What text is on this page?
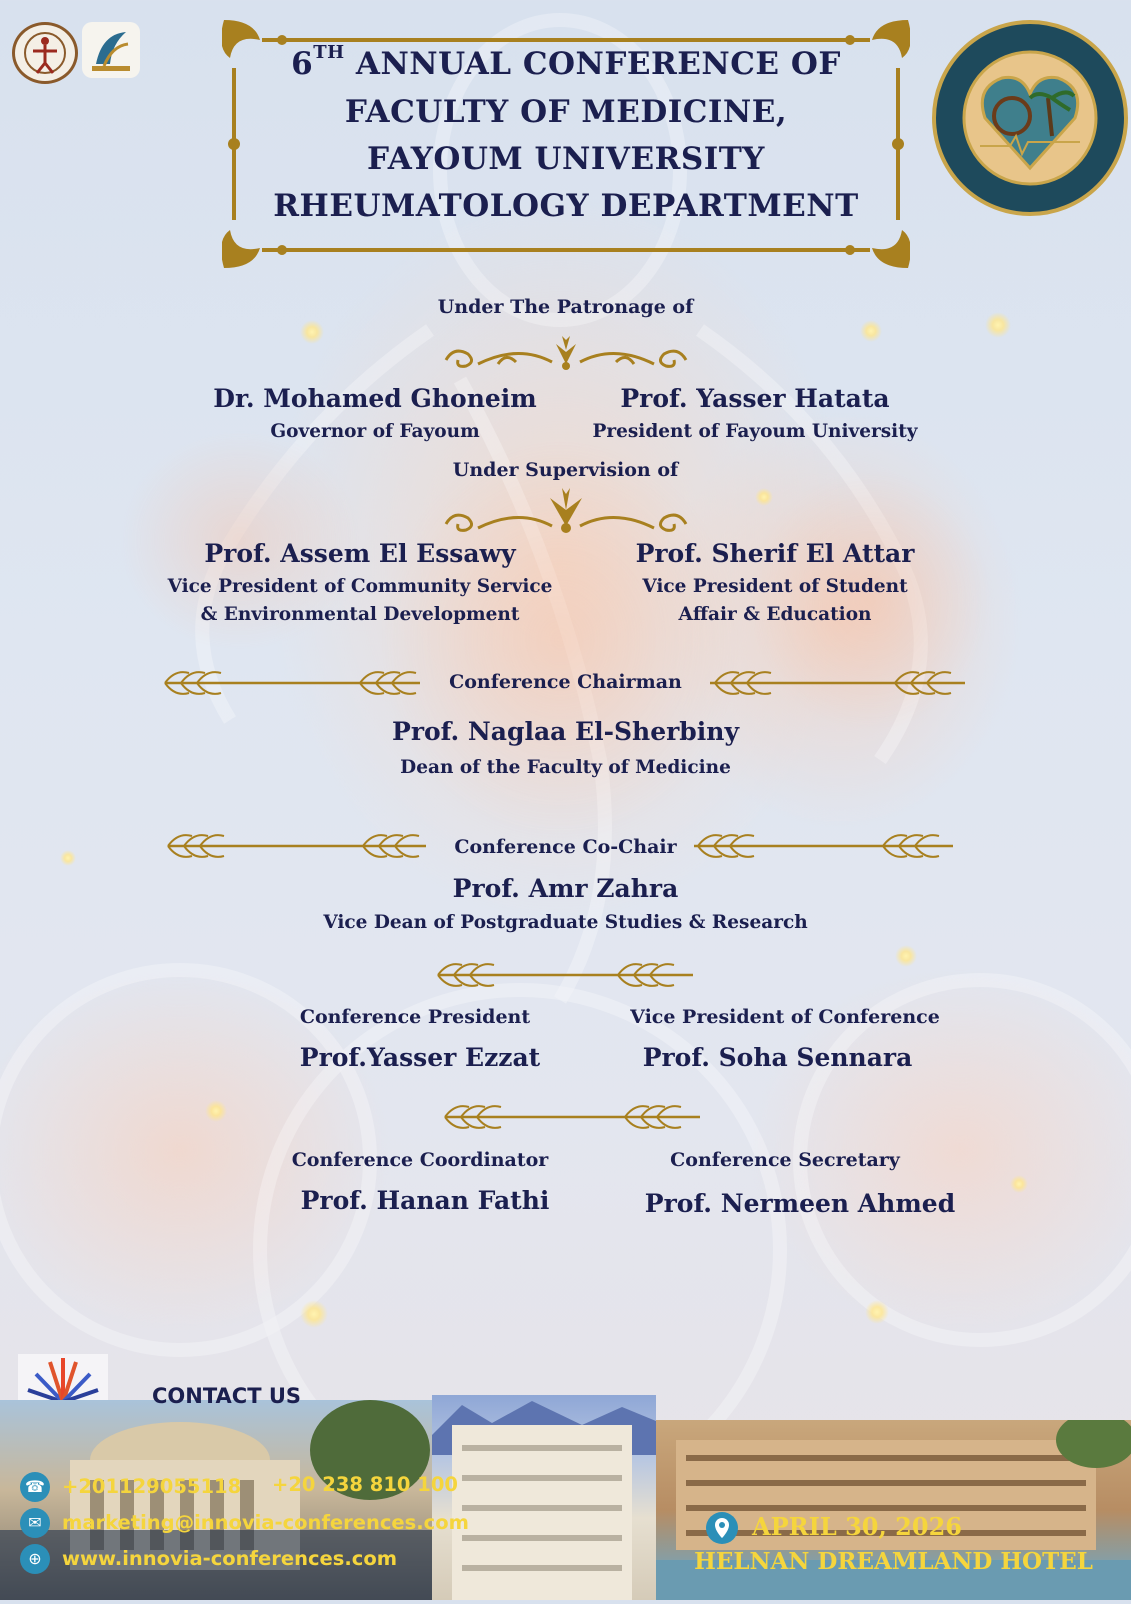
6TH ANNUAL CONFERENCE OF
FACULTY OF MEDICINE,
FAYOUM UNIVERSITY
RHEUMATOLOGY DEPARTMENT
Under The Patronage of
Dr. Mohamed Ghoneim
Governor of Fayoum
Prof. Yasser Hatata
President of Fayoum University
Under Supervision of
Prof. Assem El Essawy
Vice President of Community Service
& Environmental Development
Prof. Sherif El Attar
Vice President of Student
Affair & Education
Conference Chairman
Prof. Naglaa El-Sherbiny
Dean of the Faculty of Medicine
Conference Co-Chair
Prof. Amr Zahra
Vice Dean of Postgraduate Studies & Research
Conference President
Prof.Yasser Ezzat
Vice President of Conference
Prof. Soha Sennara
Conference Coordinator
Prof. Hanan Fathi
Conference Secretary
Prof. Nermeen Ahmed
CONTACT US
☎ +201129055118 +20 238 810 100
✉	marketing@innovia-conferences.com
⊕	www.innovia-conferences.com
APRIL 30, 2026
HELNAN DREAMLAND HOTEL
